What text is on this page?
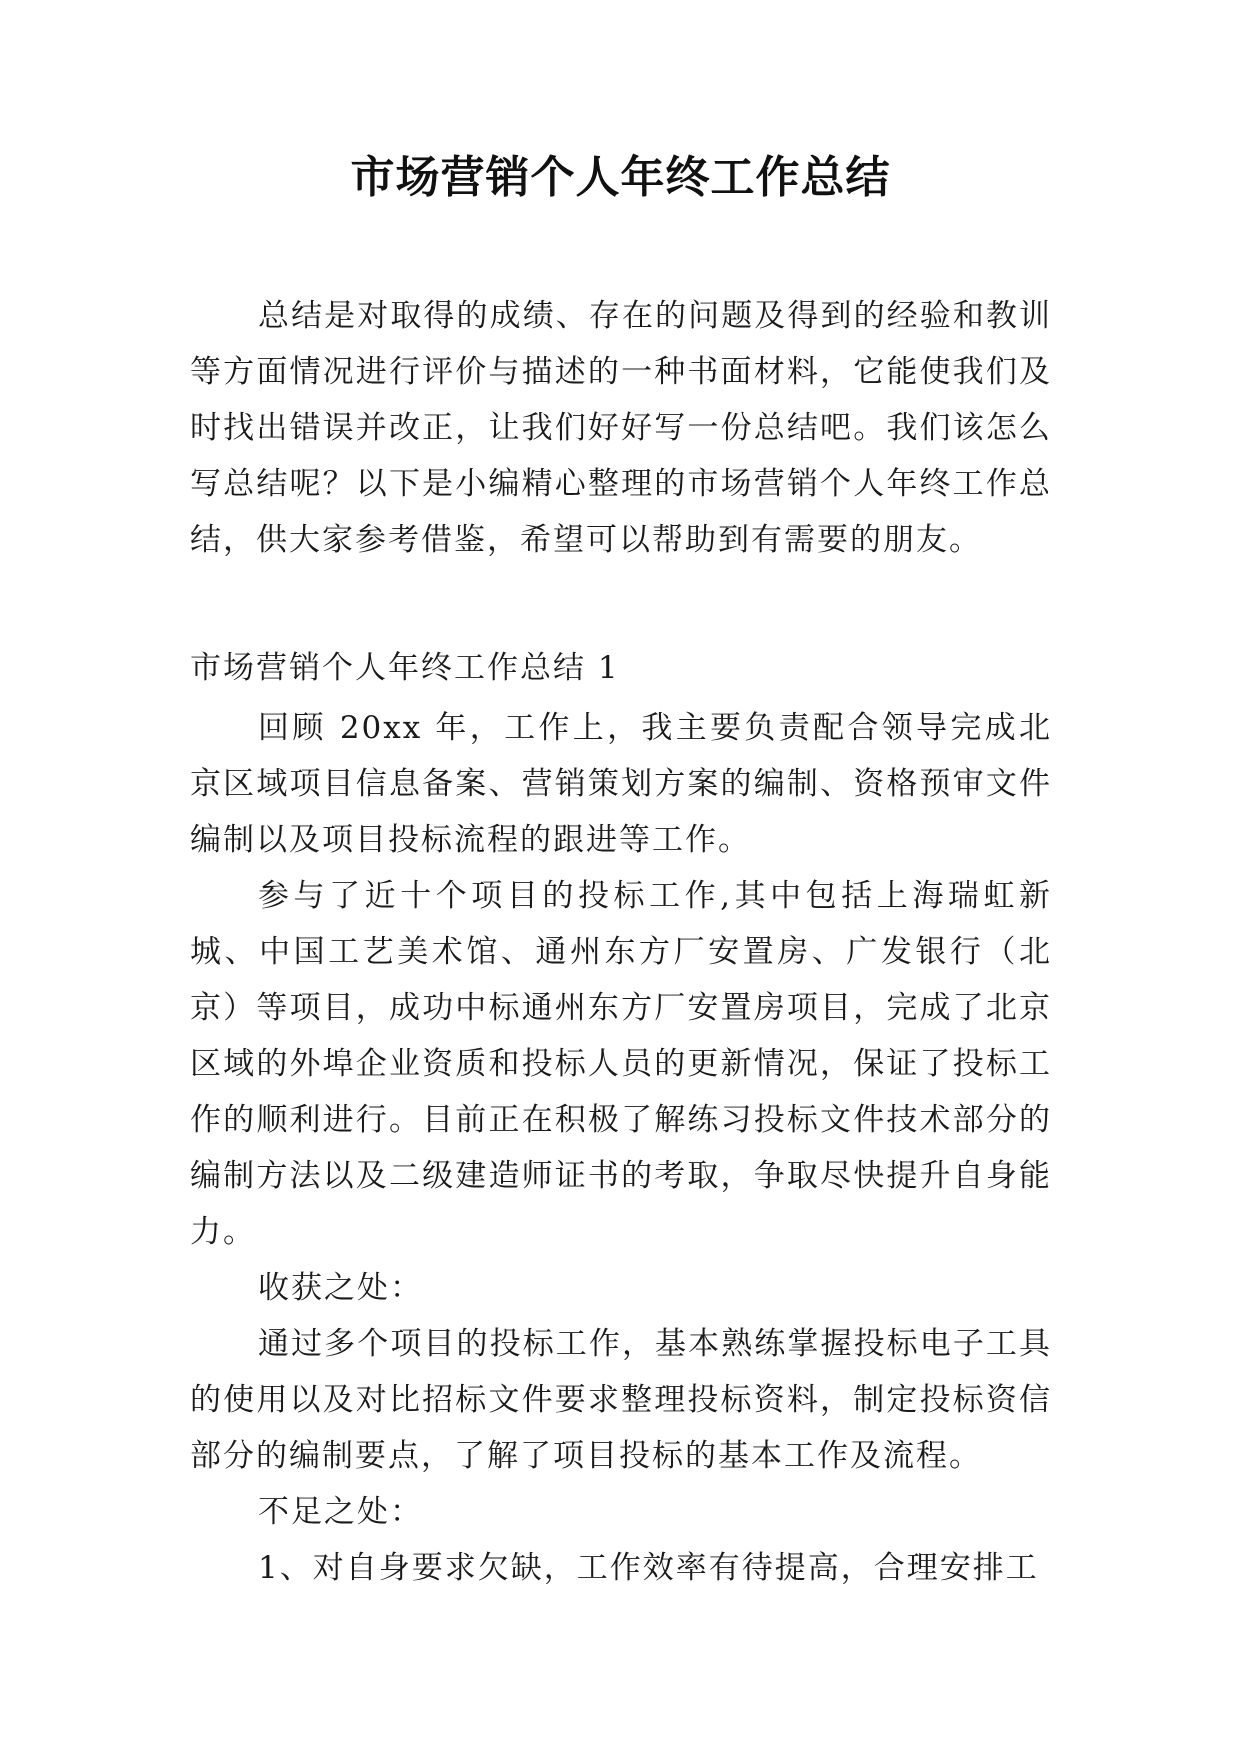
市场营销个人年终工作总结

总结是对取得的成绩、存在的问题及得到的经验和教训等方面情况进行评价与描述的一种书面材料，它能使我们及时找出错误并改正，让我们好好写一份总结吧。我们该怎么写总结呢？以下是小编精心整理的市场营销个人年终工作总结，供大家参考借鉴，希望可以帮助到有需要的朋友。

市场营销个人年终工作总结 1

回顾 20xx 年，工作上，我主要负责配合领导完成北京区域项目信息备案、营销策划方案的编制、资格预审文件编制以及项目投标流程的跟进等工作。

参与了近十个项目的投标工作,其中包括上海瑞虹新城、中国工艺美术馆、通州东方厂安置房、广发银行（北京）等项目，成功中标通州东方厂安置房项目，完成了北京区域的外埠企业资质和投标人员的更新情况，保证了投标工作的顺利进行。目前正在积极了解练习投标文件技术部分的编制方法以及二级建造师证书的考取，争取尽快提升自身能力。

收获之处：

通过多个项目的投标工作，基本熟练掌握投标电子工具的使用以及对比招标文件要求整理投标资料，制定投标资信部分的编制要点，了解了项目投标的基本工作及流程。

不足之处：

1、对自身要求欠缺，工作效率有待提高，合理安排工
